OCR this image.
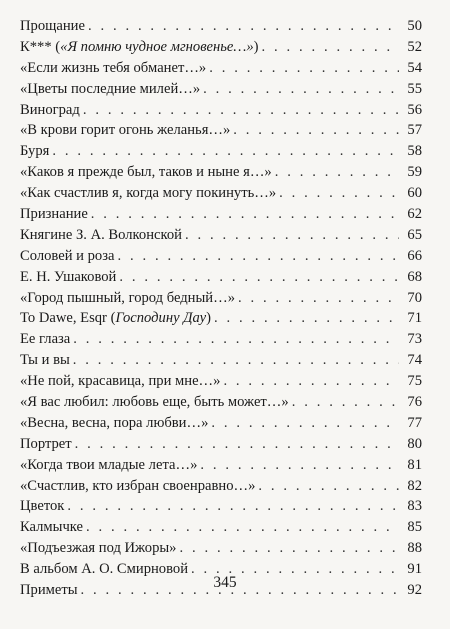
Прощание . . .	50
К*** («Я помню чудное мгновенье…») . . .	52
«Если жизнь тебя обманет…» . . .	54
«Цветы последние милей…» . . .	55
Виноград . . .	56
«В крови горит огонь желанья…» . . .	57
Буря . . .	58
«Каков я прежде был, таков и ныне я…» . . .	59
«Как счастлив я, когда могу покинуть…» . . .	60
Признание . . .	62
Княгине З. А. Волконской . . .	65
Соловей и роза . . .	66
Е. Н. Ушаковой . . .	68
«Город пышный, город бедный…» . . .	70
To Dawe, Esqr (Господину Дау) . . .	71
Ее глаза . . .	73
Ты и вы . . .	74
«Не пой, красавица, при мне…» . . .	75
«Я вас любил: любовь еще, быть может…» . . .	76
«Весна, весна, пора любви…» . . .	77
Портрет . . .	80
«Когда твои младые лета…» . . .	81
«Счастлив, кто избран своенравно…» . . .	82
Цветок . . .	83
Калмычке . . .	85
«Подъезжая под Ижоры» . . .	88
В альбом А. О. Смирновой . . .	91
Приметы . . .	92
345
